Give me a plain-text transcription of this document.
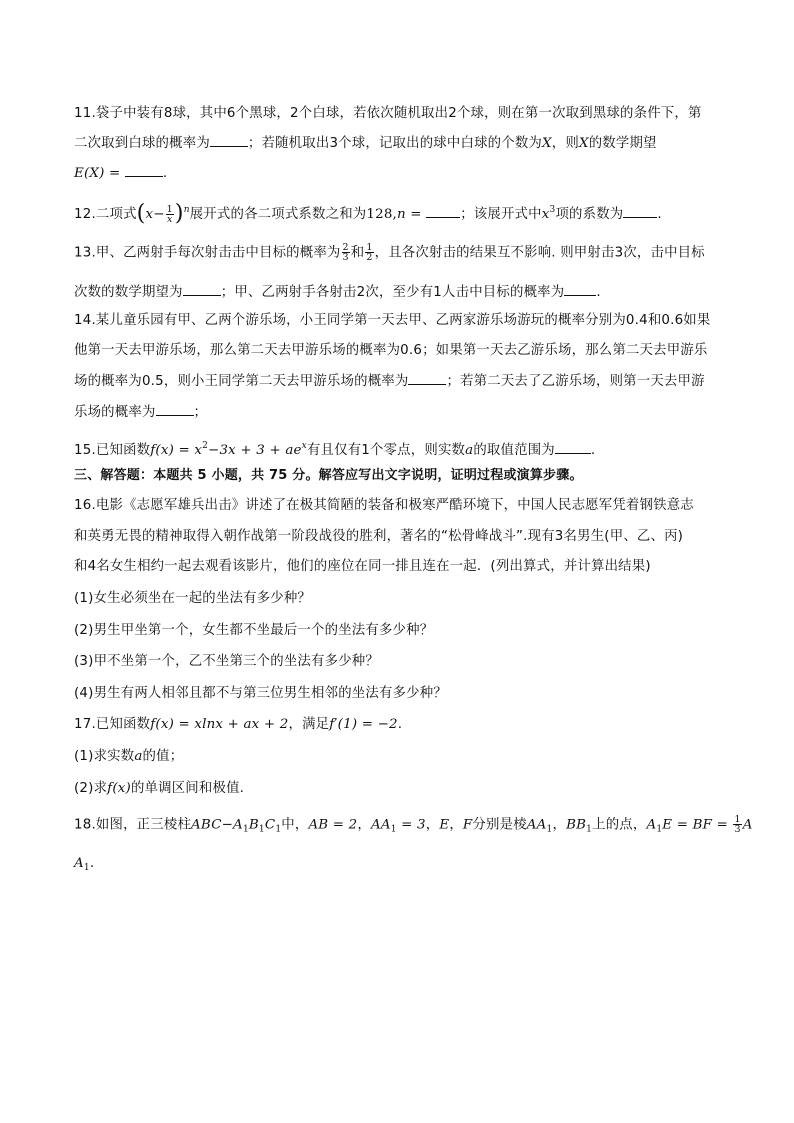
11.袋子中装有8球，其中6个黑球，2个白球，若依次随机取出2个球，则在第一次取到黑球的条件下，第
二次取到白球的概率为	；若随机取出3个球，记取出的球中白球的个数为X，则X的数学期望
E(X) =	.
12.二项式$(x- \frac{1}{x} )^n$展开式的各二项式系数之和为128,n =	；该展开式中$x^3$项的系数为	.
13.甲、乙两射手每次射击击中目标的概率为 $\frac{2}{3}$ 和 $\frac{1}{2}$ ，且各次射击的结果互不影响. 则甲射击3次，击中目标
次数的数学期望为	；甲、乙两射手各射击2次，至少有1人击中目标的概率为 .
14.某儿童乐园有甲、乙两个游乐场，小王同学第一天去甲、乙两家游乐场游玩的概率分别为0.4和0.6如果
他第一天去甲游乐场，那么第二天去甲游乐场的概率为0.6；如果第一天去乙游乐场，那么第二天去甲游乐
场的概率为0.5，则小王同学第二天去甲游乐场的概率为	；若第二天去了乙游乐场，则第一天去甲游
乐场的概率为	；
15.已知函数$f(x) = x^2-3x + 3 + ae^x$有且仅有1个零点，则实数a的取值范围为	.
三、解答题：本题共 5 小题，共 75 分。解答应写出文字说明，证明过程或演算步骤。
16.电影《志愿军雄兵出击》讲述了在极其简陋的装备和极寒严酷环境下，中国人民志愿军凭着钢铁意志
和英勇无畏的精神取得入朝作战第一阶段战役的胜利，著名的“松骨峰战斗”.现有3名男生(甲、乙、丙)
和4名女生相约一起去观看该影片，他们的座位在同一排且连在一起．(列出算式，并计算出结果)
(1)女生必须坐在一起的坐法有多少种？
(2)男生甲坐第一个，女生都不坐最后一个的坐法有多少种？
(3)甲不坐第一个，乙不坐第三个的坐法有多少种？
(4)男生有两人相邻且都不与第三位男生相邻的坐法有多少种？
17.已知函数f(x) = xlnx + ax + 2，满足f′(1) = −2.
(1)求实数a的值；
(2)求f(x)的单调区间和极值.
18.如图，正三棱柱$ABC-A_1B_1C_1$中，AB = 2，$AA_1 = 3$，E，F分别是棱$AA_1$，$BB_1$上的点，$A_1E$ = BF = $\frac{1}{3}$ A
$A_1$.
